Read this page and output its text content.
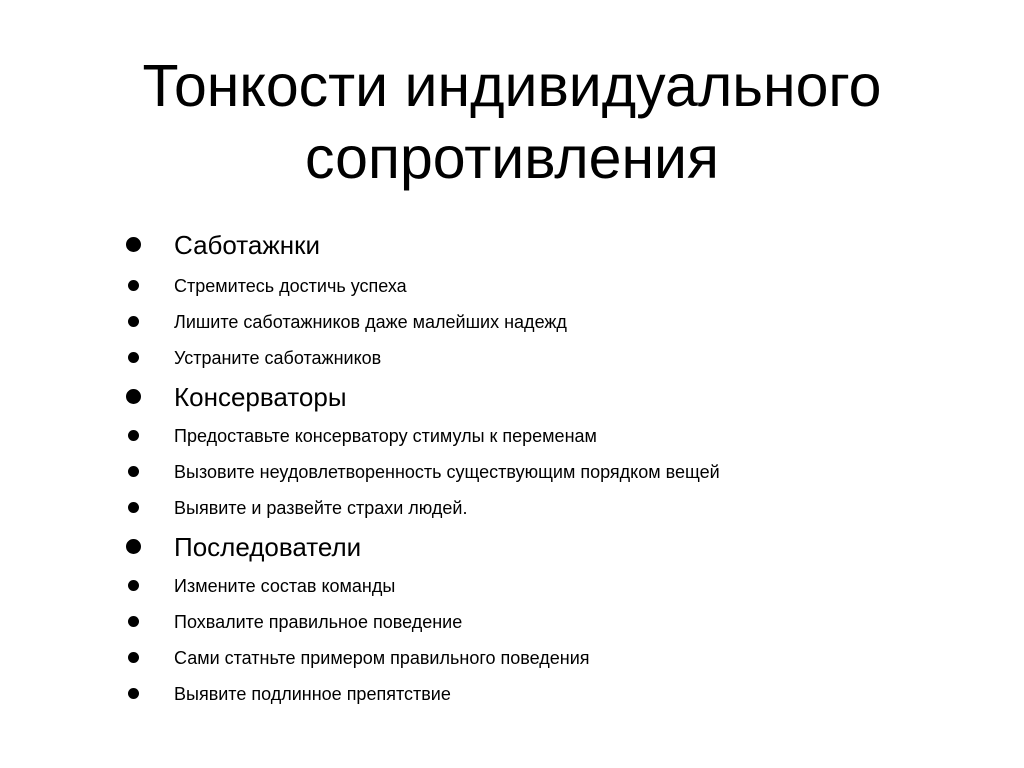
Тонкости индивидуального
сопротивления
Саботажнки
Стремитесь достичь успеха
Лишите саботажников даже малейших надежд
Устраните саботажников
Консерваторы
Предоставьте консерватору стимулы к переменам
Вызовите неудовлетворенность существующим порядком вещей
Выявите и развейте страхи людей.
Последователи
Измените состав команды
Похвалите правильное поведение
Сами статньте примером правильного поведения
Выявите подлинное препятствие
